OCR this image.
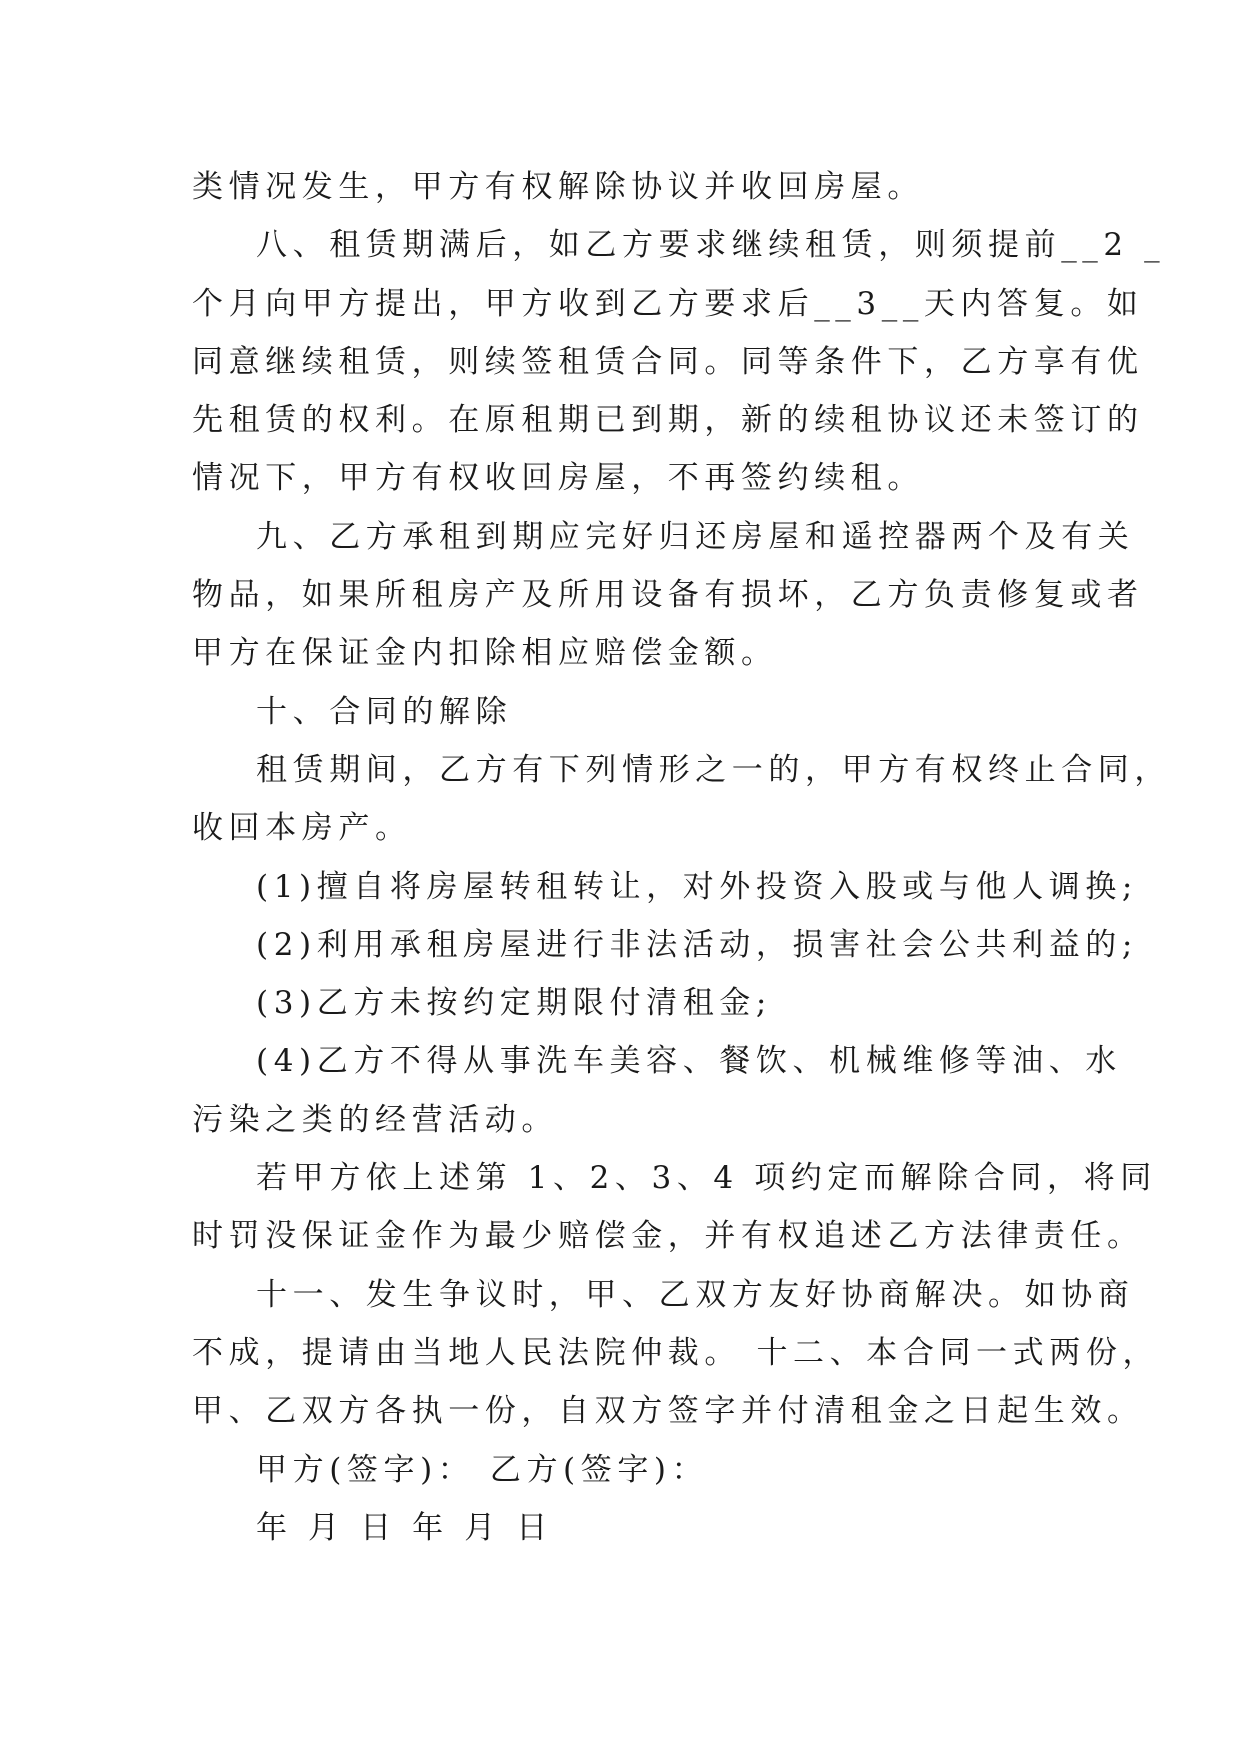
类情况发生，甲方有权解除协议并收回房屋。
八、租赁期满后，如乙方要求继续租赁，则须提前__2 _
个月向甲方提出，甲方收到乙方要求后__3__天内答复。如
同意继续租赁，则续签租赁合同。同等条件下，乙方享有优
先租赁的权利。在原租期已到期，新的续租协议还未签订的
情况下，甲方有权收回房屋，不再签约续租。
九、乙方承租到期应完好归还房屋和遥控器两个及有关
物品，如果所租房产及所用设备有损坏，乙方负责修复或者
甲方在保证金内扣除相应赔偿金额。
十、合同的解除
租赁期间，乙方有下列情形之一的，甲方有权终止合同，
收回本房产。
(1)擅自将房屋转租转让，对外投资入股或与他人调换;
(2)利用承租房屋进行非法活动，损害社会公共利益的;
(3)乙方未按约定期限付清租金;
(4)乙方不得从事洗车美容、餐饮、机械维修等油、水
污染之类的经营活动。
若甲方依上述第 1、2、3、4 项约定而解除合同，将同
时罚没保证金作为最少赔偿金，并有权追述乙方法律责任。
十一、发生争议时，甲、乙双方友好协商解决。如协商
不成，提请由当地人民法院仲裁。 十二、本合同一式两份，
甲、乙双方各执一份，自双方签字并付清租金之日起生效。
甲方(签字)： 乙方(签字)：
年 月 日 年 月 日
